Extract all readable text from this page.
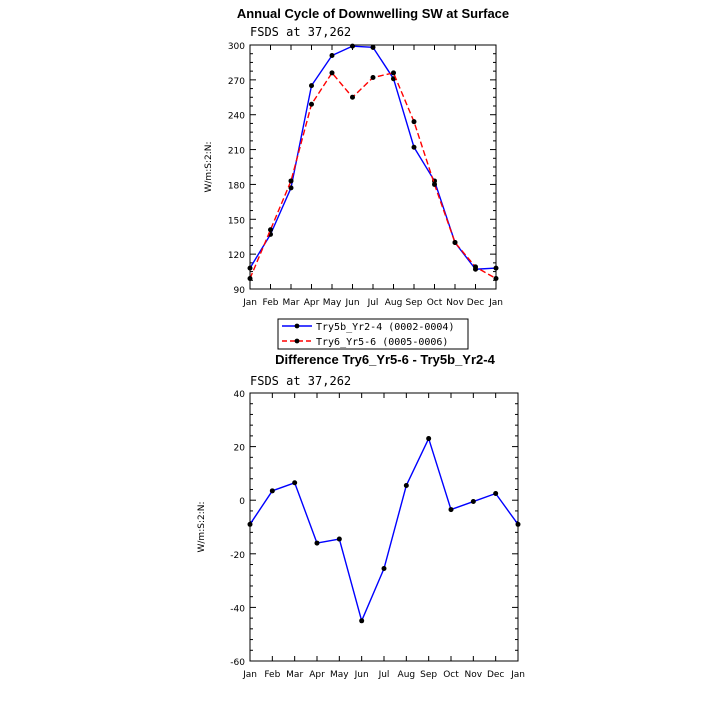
Annual Cycle of Downwelling SW at Surface
FSDS at 37,262
W/m:S:2:N:
Jan Feb Mar Apr May Jun Jul Aug Sep Oct Nov Dec Jan
90
120
150
180
210
240
270
300
Try5b_Yr2-4 (0002-0004)
Try6_Yr5-6 (0005-0006)
Difference Try6_Yr5-6 - Try5b_Yr2-4
FSDS at 37,262
W/m:S:2:N:
Jan Feb Mar Apr May Jun Jul Aug Sep Oct Nov Dec Jan
-60
-40
-20
0
20
40
